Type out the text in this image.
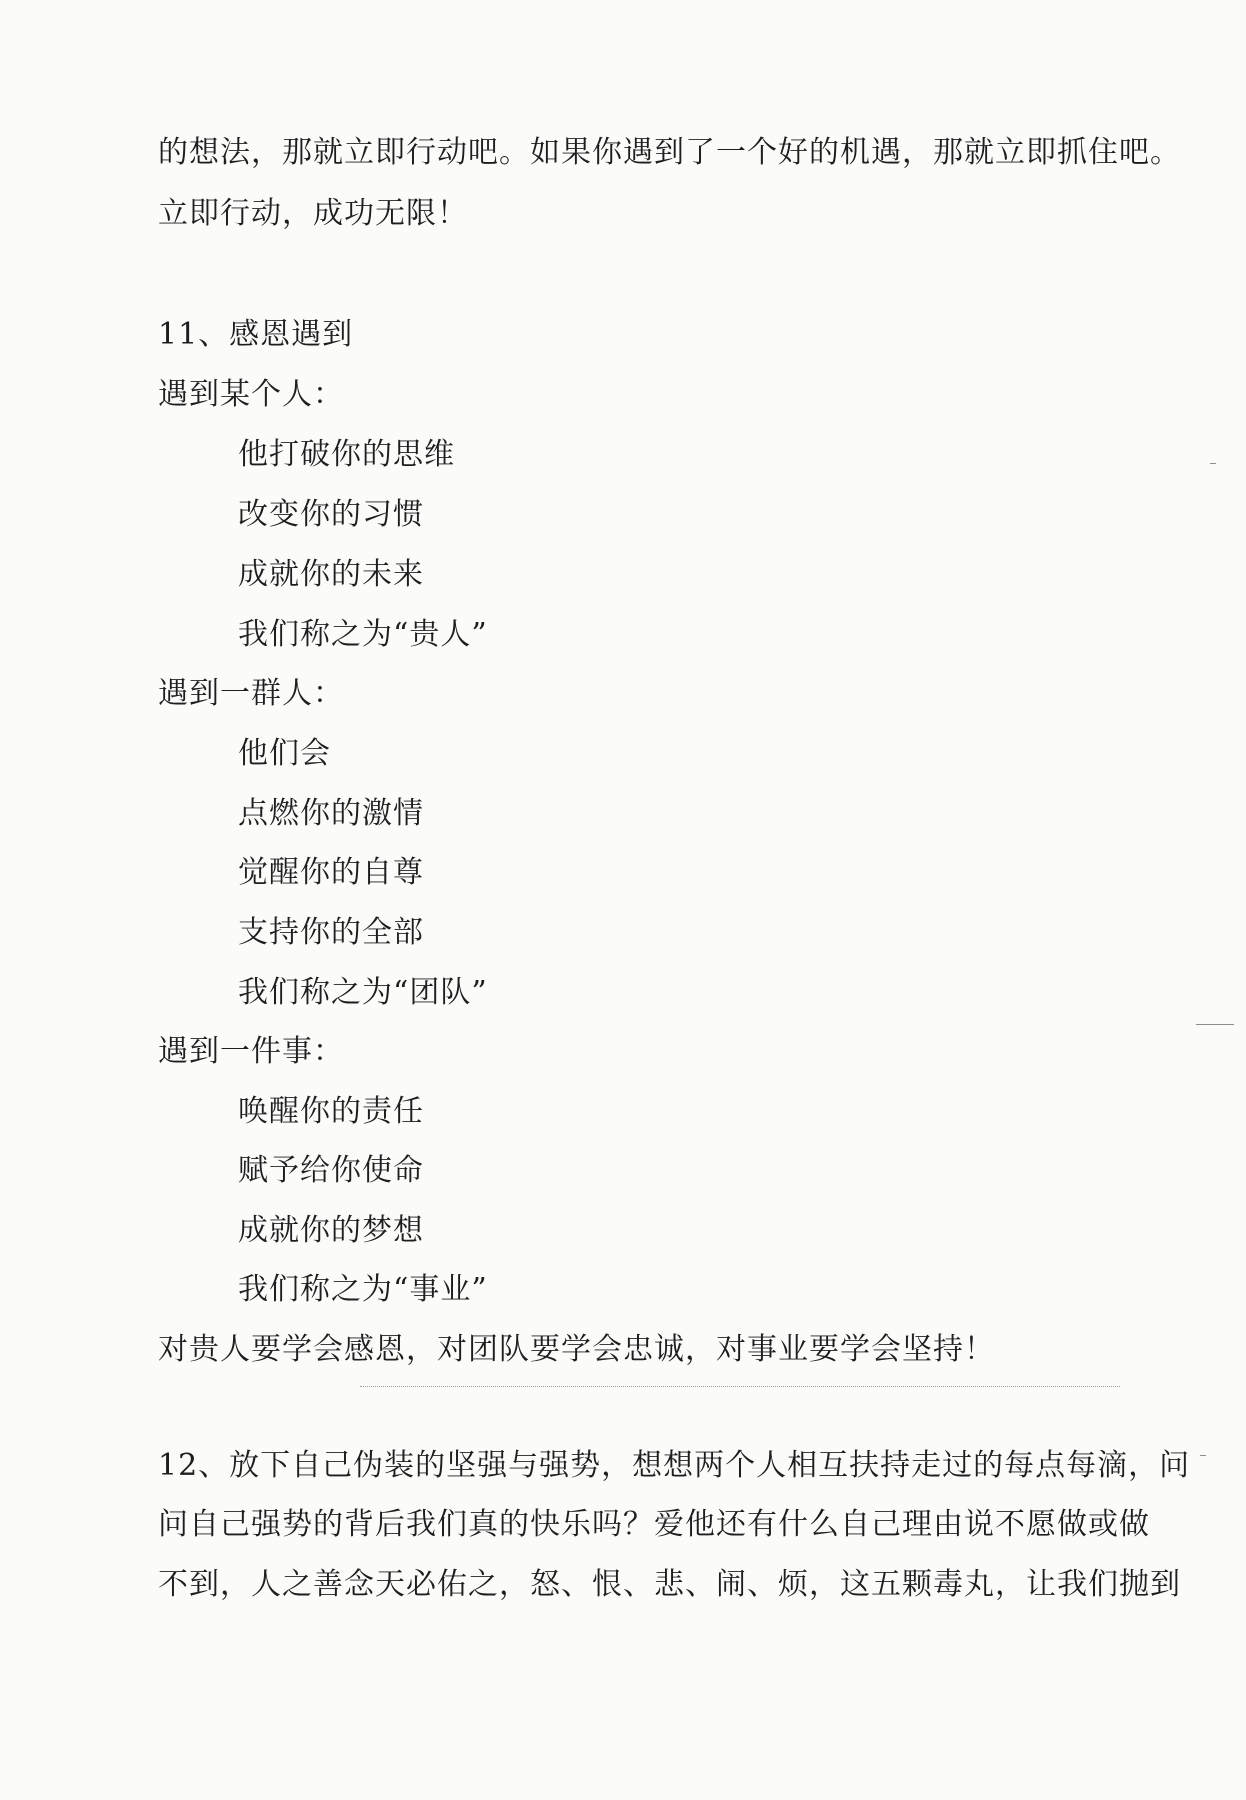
的想法，那就立即行动吧。如果你遇到了一个好的机遇，那就立即抓住吧。
立即行动，成功无限！
11、感恩遇到
遇到某个人：
他打破你的思维
改变你的习惯
成就你的未来
我们称之为“贵人”
遇到一群人：
他们会
点燃你的激情
觉醒你的自尊
支持你的全部
我们称之为“团队”
遇到一件事：
唤醒你的责任
赋予给你使命
成就你的梦想
我们称之为“事业”
对贵人要学会感恩，对团队要学会忠诚，对事业要学会坚持！
12、放下自己伪装的坚强与强势，想想两个人相互扶持走过的每点每滴，问
问自己强势的背后我们真的快乐吗？爱他还有什么自己理由说不愿做或做
不到，人之善念天必佑之，怒、恨、悲、闹、烦，这五颗毒丸，让我们抛到
